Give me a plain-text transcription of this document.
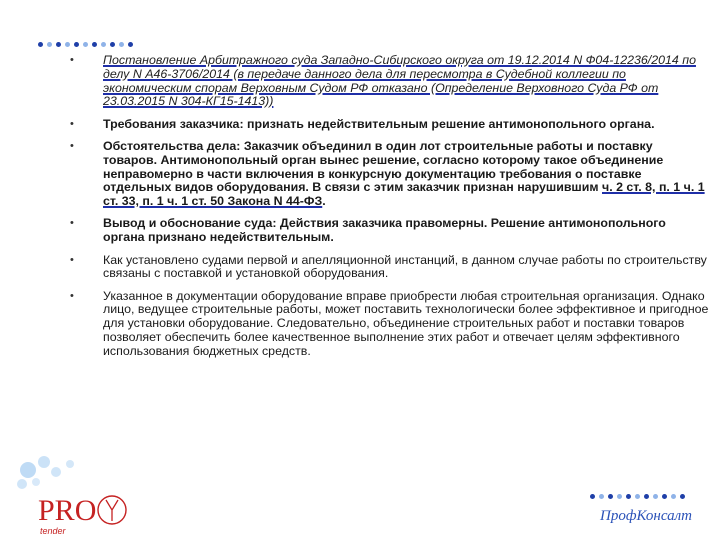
• Постановление Арбитражного суда Западно-Сибирского округа от 19.12.2014 N Ф04-12236/2014 по делу N А46-3706/2014 (в передаче данного дела для пересмотра в Судебной коллегии по экономическим спорам Верховным Судом РФ отказано (Определение Верховного Суда РФ от 23.03.2015 N 304-КГ15-1413))
• Требования заказчика: признать недействительным решение антимонопольного органа.
• Обстоятельства дела: Заказчик объединил в один лот строительные работы и поставку товаров. Антимонопольный орган вынес решение, согласно которому такое объединение неправомерно в части включения в конкурсную документацию требования о поставке отдельных видов оборудования. В связи с этим заказчик признан нарушившим ч. 2 ст. 8, п. 1 ч. 1 ст. 33, п. 1 ч. 1 ст. 50 Закона N 44-ФЗ.
• Вывод и обоснование суда: Действия заказчика правомерны. Решение антимонопольного органа признано недействительным.
• Как установлено судами первой и апелляционной инстанций, в данном случае работы по строительству связаны с поставкой и установкой оборудования.
• Указанное в документации оборудование вправе приобрести любая строительная организация. Однако лицо, ведущее строительные работы, может поставить технологически более эффективное и пригодное для установки оборудование. Следовательно, объединение строительных работ и поставки товаров позволяет обеспечить более качественное выполнение этих работ и отвечает целям эффективного использования бюджетных средств.
PRO
tender
ПрофКонсалт
